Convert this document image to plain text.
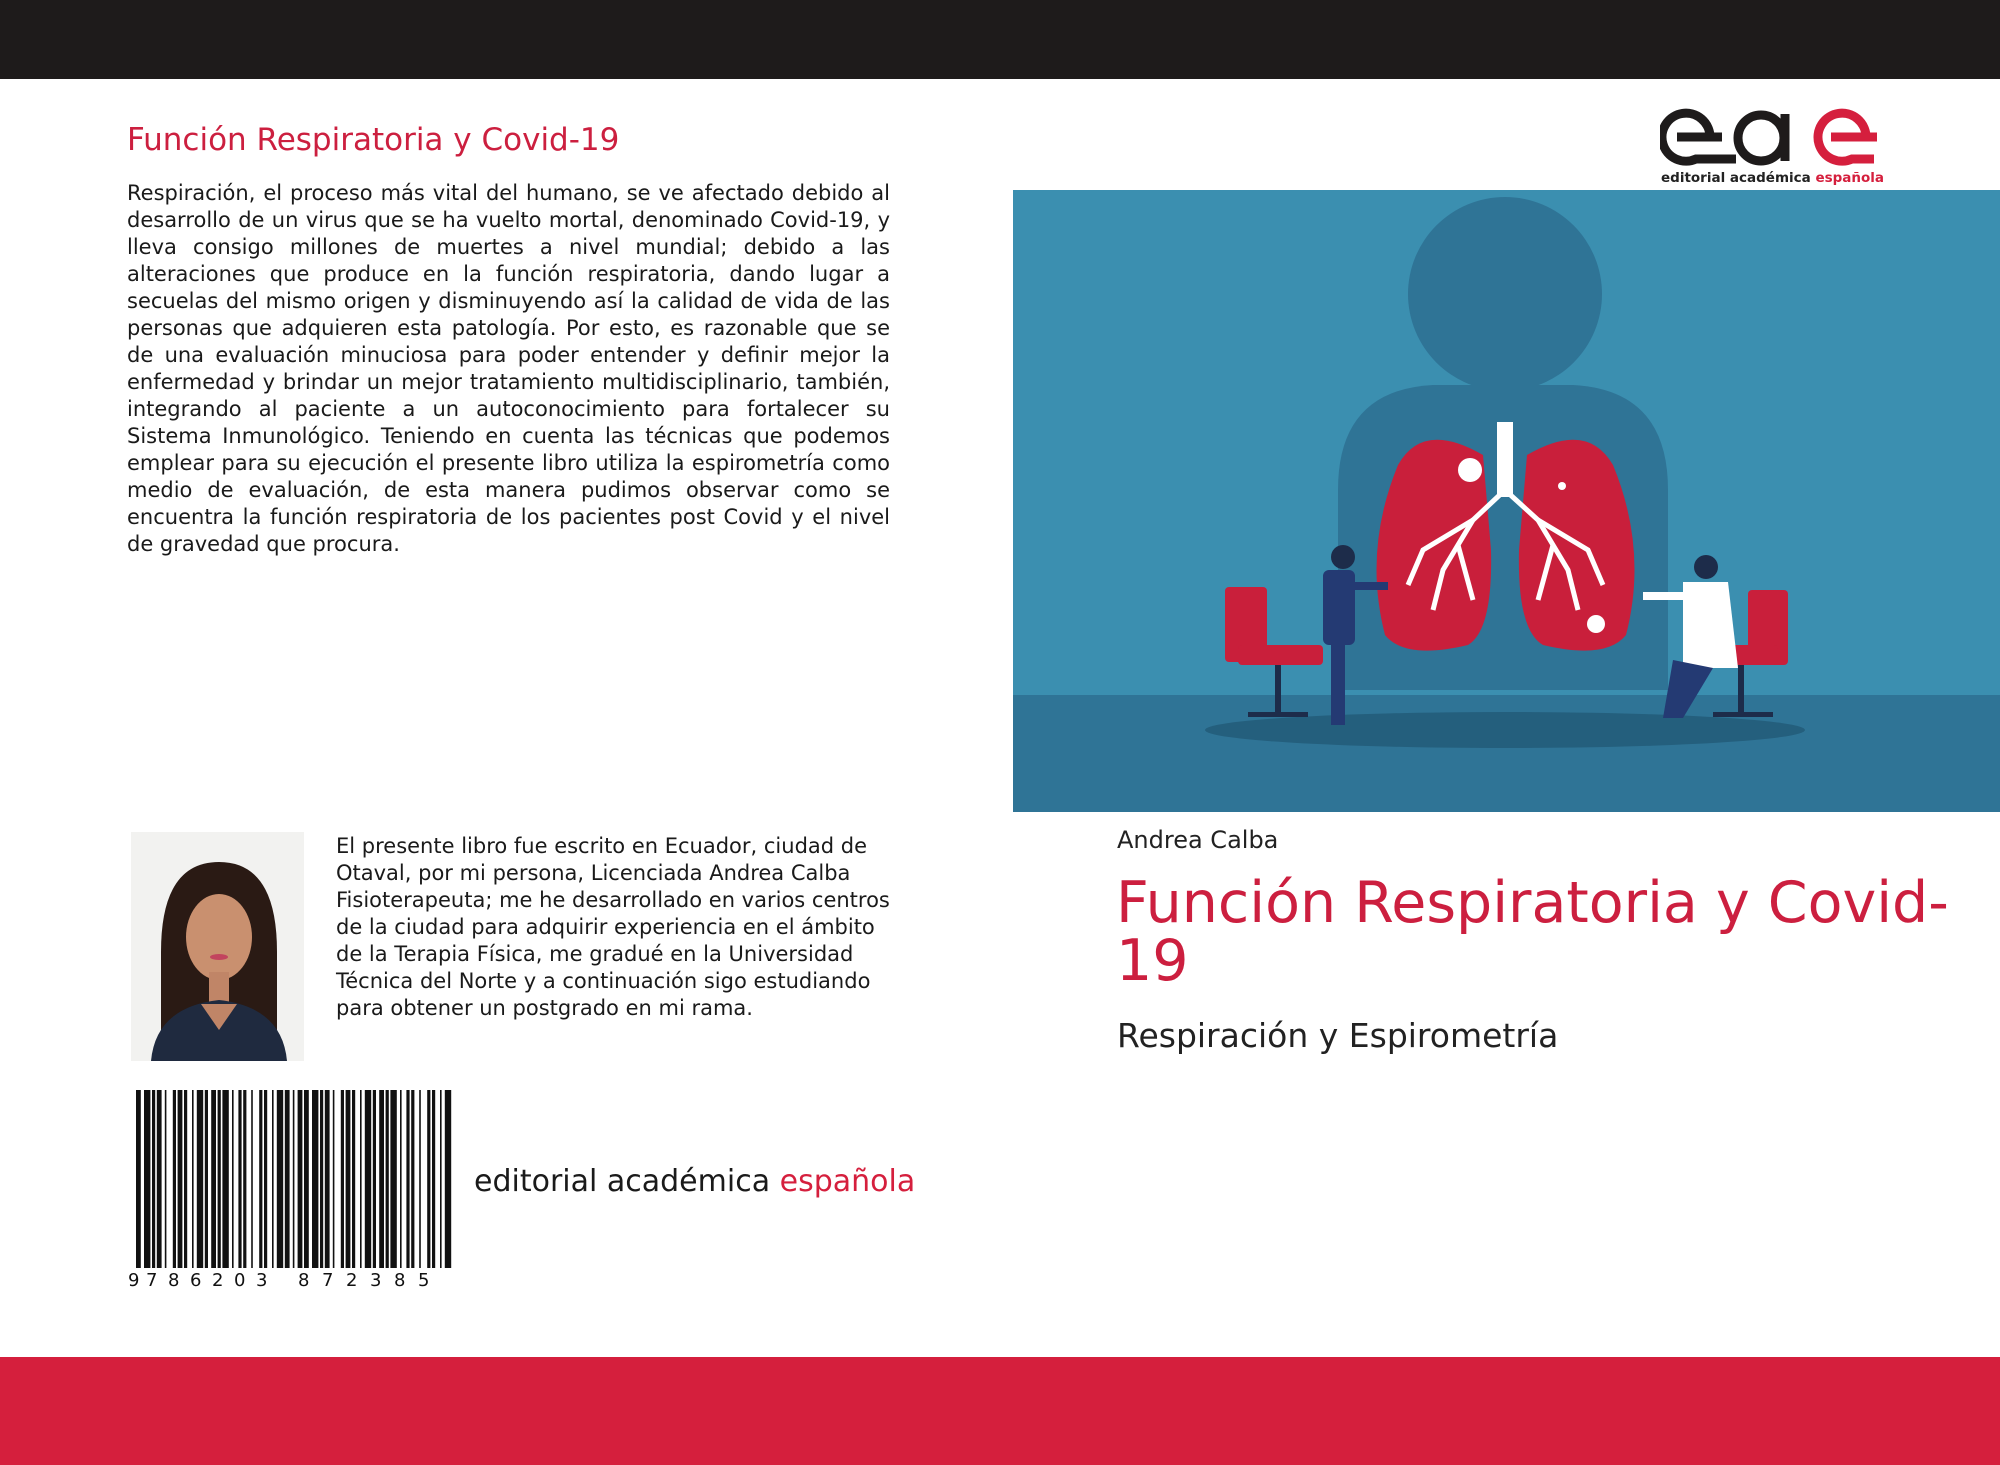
Función Respiratoria y Covid-19

Respiración, el proceso más vital del humano, se ve afectado debido al desarrollo de un virus que se ha vuelto mortal, denominado Covid-19, y lleva consigo millones de muertes a nivel mundial; debido a las alteraciones que produce en la función respiratoria, dando lugar a secuelas del mismo origen y disminuyendo así la calidad de vida de las personas que adquieren esta patología. Por esto, es razonable que se de una evaluación minuciosa para poder entender y definir mejor la enfermedad y brindar un mejor tratamiento multidisciplinario, también, integrando al paciente a un autoconocimiento para fortalecer su Sistema Inmunológico. Teniendo en cuenta las técnicas que podemos emplear para su ejecución el presente libro utiliza la espirometría como medio de evaluación, de esta manera pudimos observar como se encuentra la función respiratoria de los pacientes post Covid y el nivel de gravedad que procura.

editorial académica española

El presente libro fue escrito en Ecuador, ciudad de Otaval, por mi persona, Licenciada Andrea Calba Fisioterapeuta; me he desarrollado en varios centros de la ciudad para adquirir experiencia en el ámbito de la Terapia Física, me gradué en la Universidad Técnica del Norte y a continuación sigo estudiando para obtener un postgrado en mi rama.

Andrea Calba
Función Respiratoria y Covid-19
Respiración y Espirometría
9 7 8 6 2 0 3 8 7 2 3 8 5
editorial académica española
